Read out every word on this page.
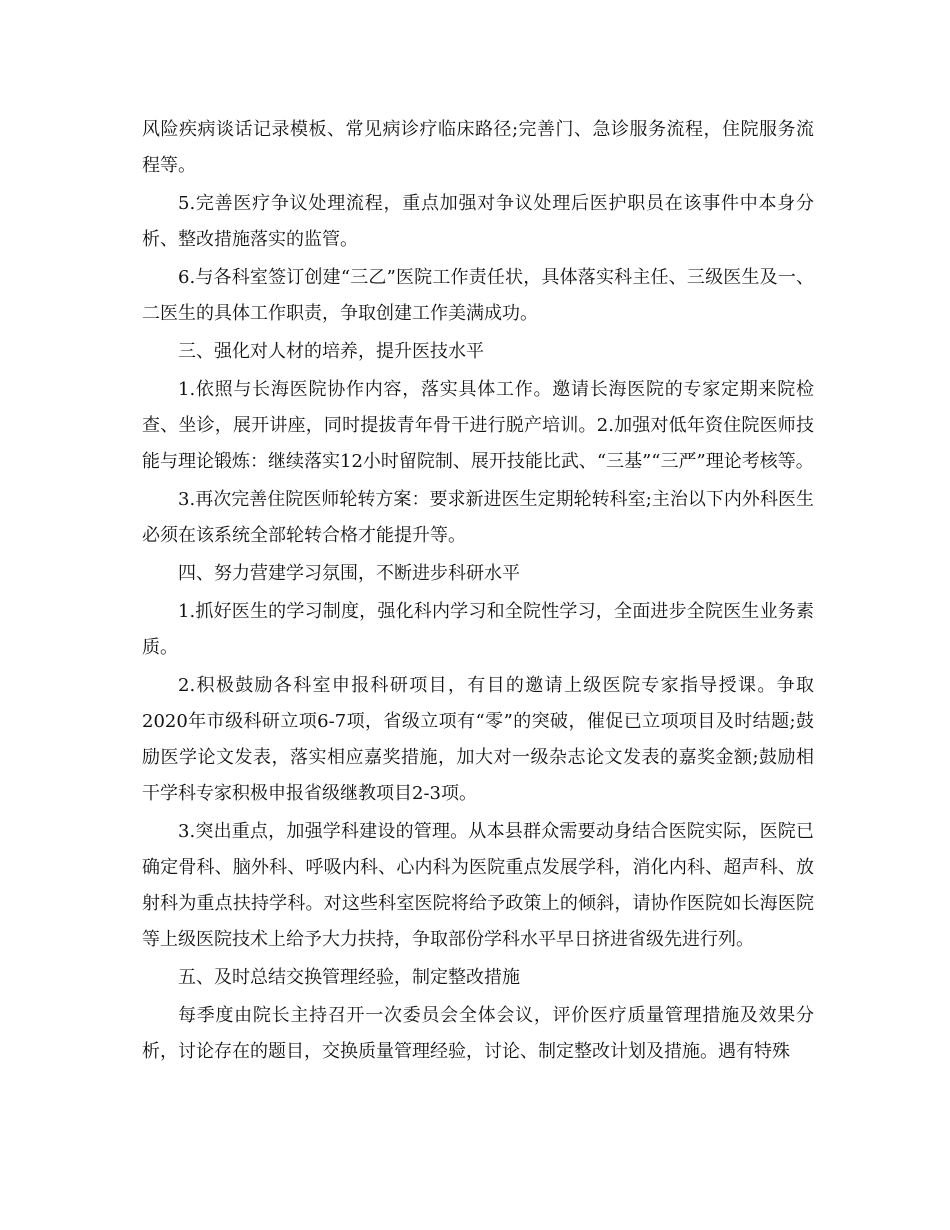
风险疾病谈话记录模板、常见病诊疗临床路径;完善门、急诊服务流程，住院服务流程等。

5.完善医疗争议处理流程，重点加强对争议处理后医护职员在该事件中本身分析、整改措施落实的监管。

6.与各科室签订创建“三乙”医院工作责任状，具体落实科主任、三级医生及一、二医生的具体工作职责，争取创建工作美满成功。

三、强化对人材的培养，提升医技水平

1.依照与长海医院协作内容，落实具体工作。邀请长海医院的专家定期来院检查、坐诊，展开讲座，同时提拔青年骨干进行脱产培训。2.加强对低年资住院医师技能与理论锻炼：继续落实12小时留院制、展开技能比武、“三基”“三严”理论考核等。

3.再次完善住院医师轮转方案：要求新进医生定期轮转科室;主治以下内外科医生必须在该系统全部轮转合格才能提升等。

四、努力营建学习氛围，不断进步科研水平

1.抓好医生的学习制度，强化科内学习和全院性学习，全面进步全院医生业务素质。

2.积极鼓励各科室申报科研项目，有目的邀请上级医院专家指导授课。争取2020年市级科研立项6-7项，省级立项有“零”的突破，催促已立项项目及时结题;鼓励医学论文发表，落实相应嘉奖措施，加大对一级杂志论文发表的嘉奖金额;鼓励相干学科专家积极申报省级继教项目2-3项。

3.突出重点，加强学科建设的管理。从本县群众需要动身结合医院实际，医院已确定骨科、脑外科、呼吸内科、心内科为医院重点发展学科，消化内科、超声科、放射科为重点扶持学科。对这些科室医院将给予政策上的倾斜，请协作医院如长海医院等上级医院技术上给予大力扶持，争取部份学科水平早日挤进省级先进行列。

五、及时总结交换管理经验，制定整改措施

每季度由院长主持召开一次委员会全体会议，评价医疗质量管理措施及效果分析，讨论存在的题目，交换质量管理经验，讨论、制定整改计划及措施。遇有特殊
